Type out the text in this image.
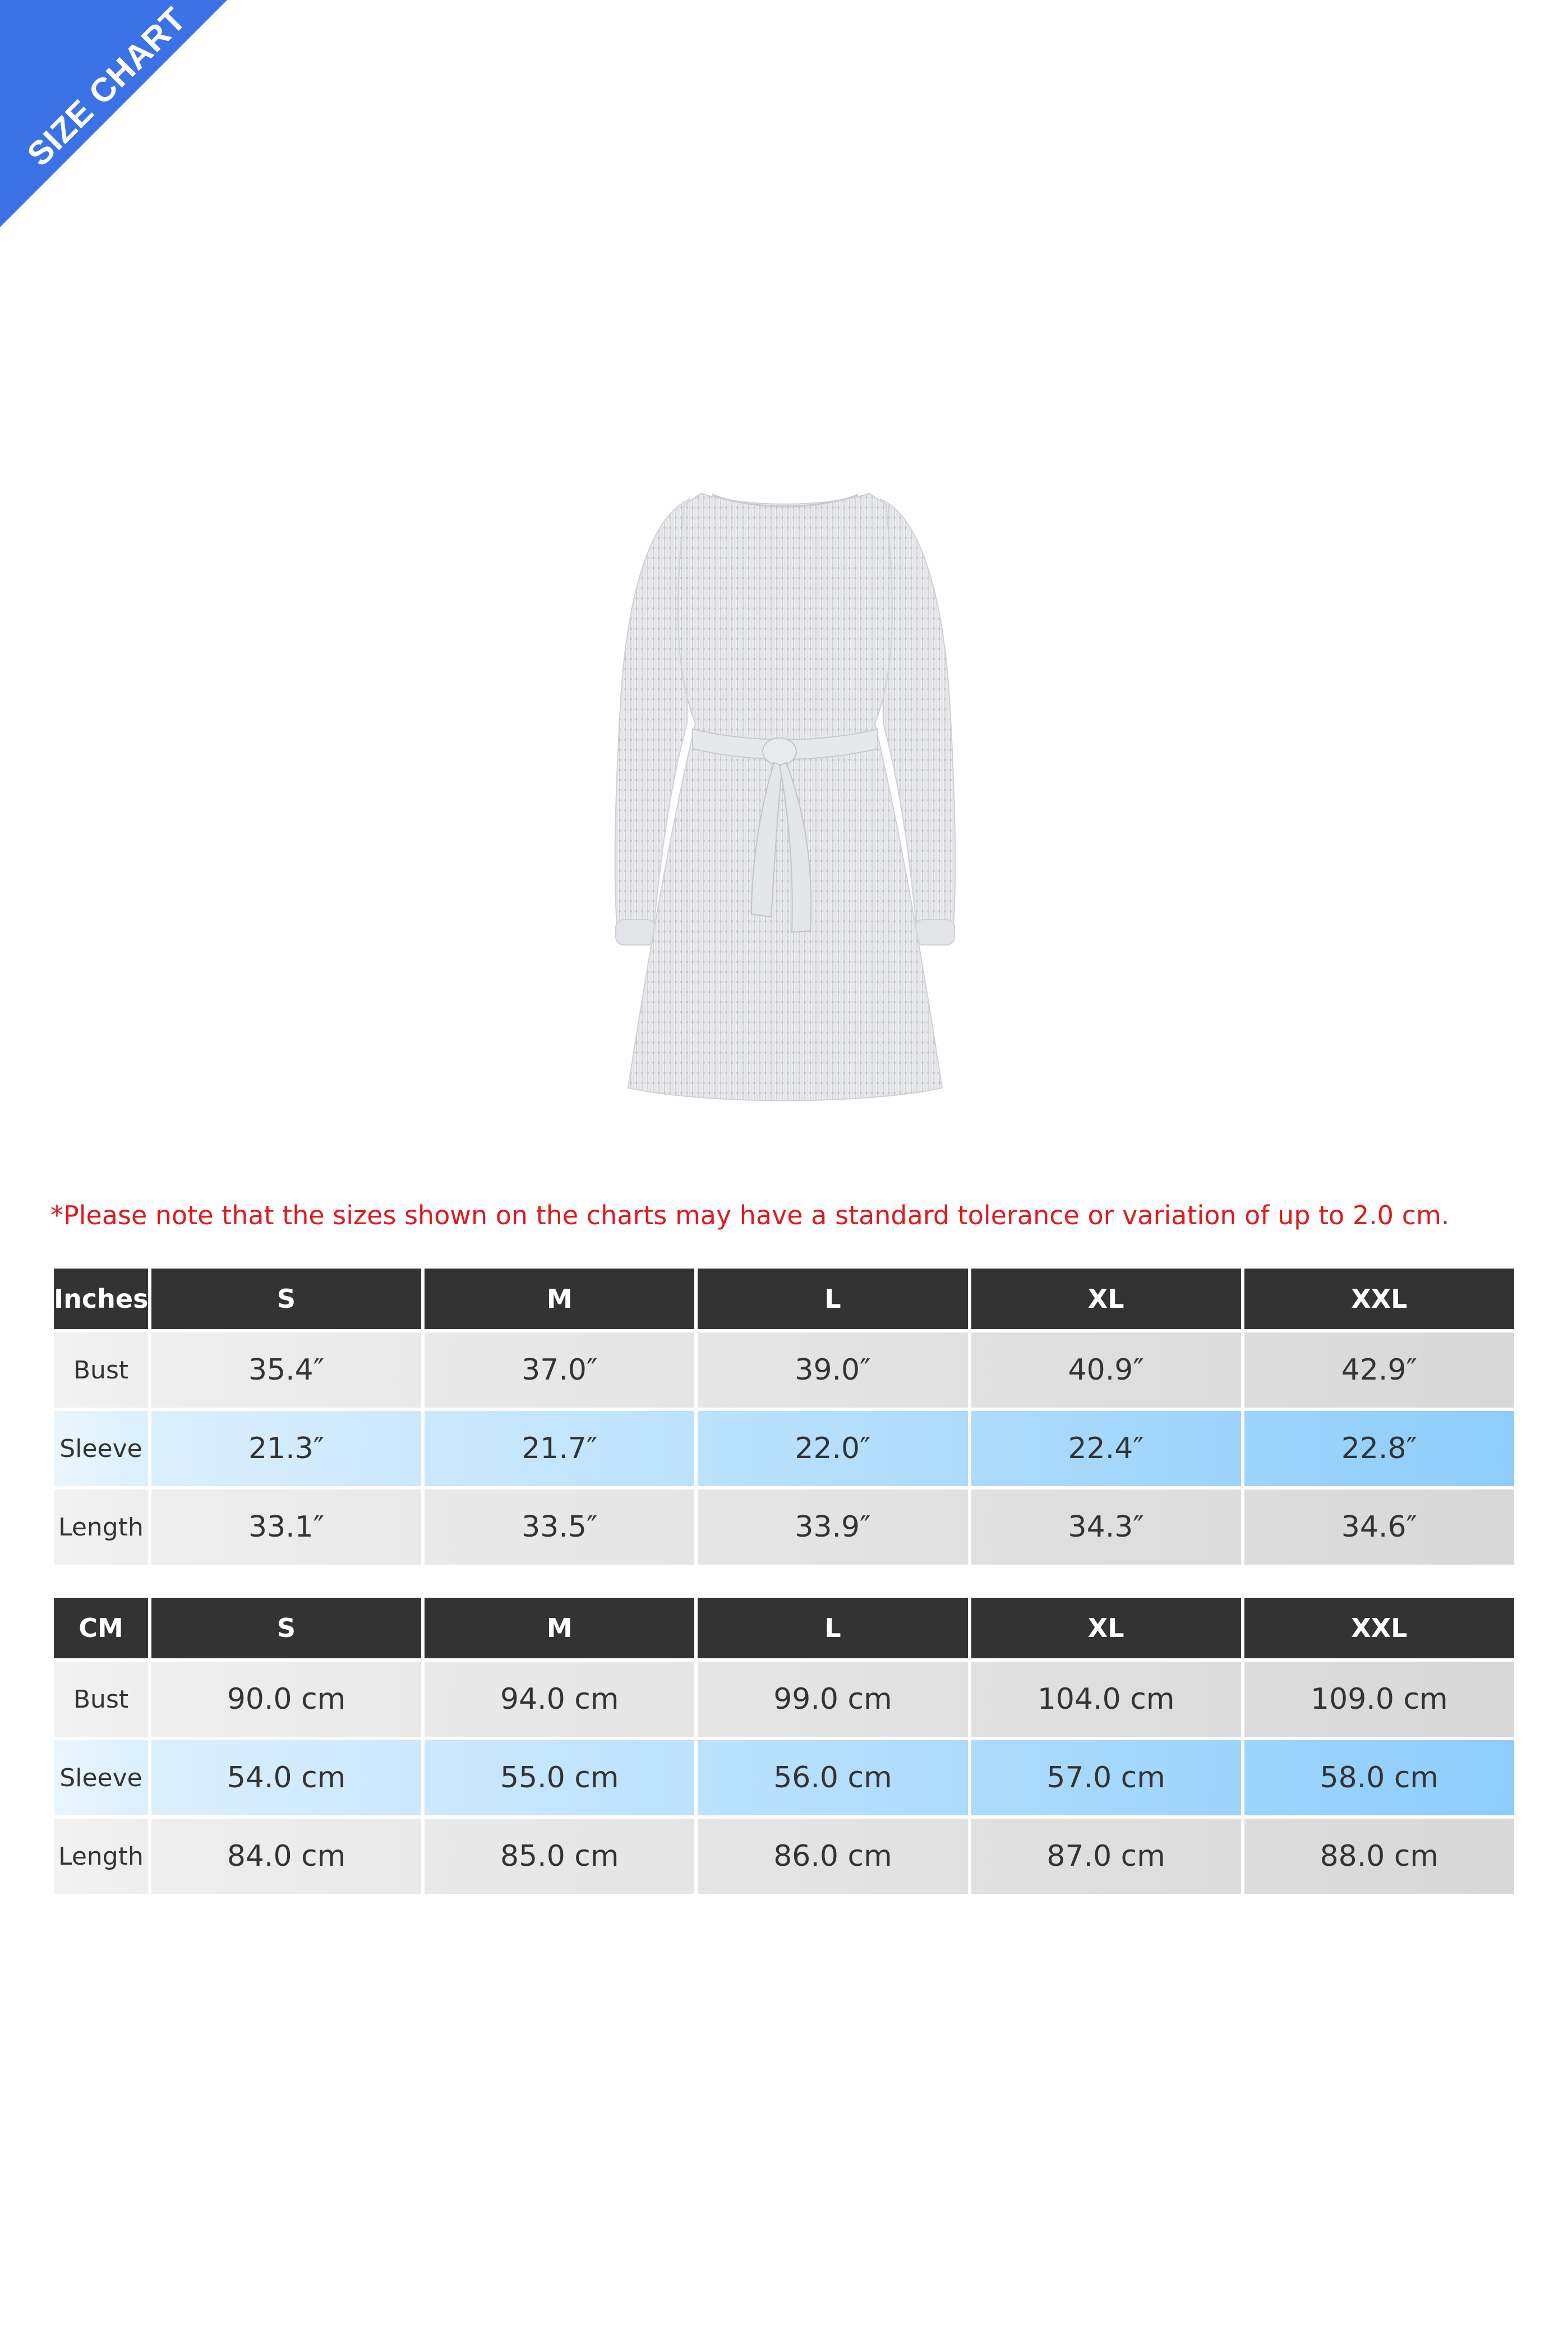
SIZE CHART
*Please note that the sizes shown on the charts may have a standard tolerance or variation of up to 2.0 cm.
Inches	S	M	L	XL	XXL
Bust	35.4″	37.0″	39.0″	40.9″	42.9″
Sleeve	21.3″	21.7″	22.0″	22.4″	22.8″
Length	33.1″	33.5″	33.9″	34.3″	34.6″
CM	S	M	L	XL	XXL
Bust	90.0 cm	94.0 cm	99.0 cm	104.0 cm	109.0 cm
Sleeve	54.0 cm	55.0 cm	56.0 cm	57.0 cm	58.0 cm
Length	84.0 cm	85.0 cm	86.0 cm	87.0 cm	88.0 cm
